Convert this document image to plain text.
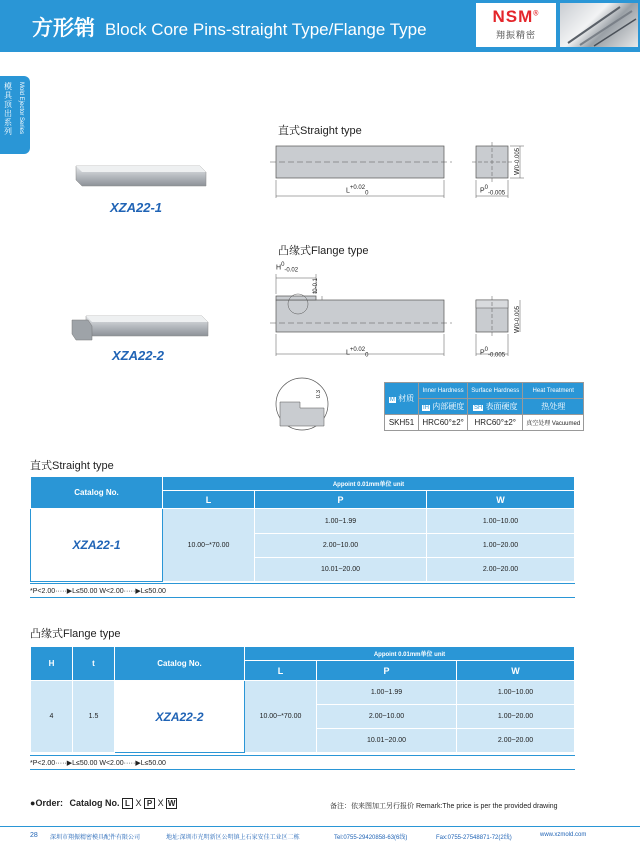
方形销 Block Core Pins-straight Type/Flange Type
NSM®
翔振精密
模具顶出系列	Mold Ejector Series
XZA22-1
XZA22-2
直式Straight type
$L^{+0.02}_0$	$P^0_{-0.005}$
W0-0.005
凸缘式Flange type
$H^0_{-0.02}$
t0-0.1
$L^{+0.02}_0$	$P^0_{-0.005}$
W0-0.005
0.3
M 材质	Inner Hardness	Surface Hardness	Heat Treatment
	IH 内部硬度	SH 表面硬度	热处理
SKH51	HRC60°±2°	HRC60°±2°	真空处理 Vacuumed
直式Straight type
Catalog No.	Appoint 0.01mm单位 unit		
	L	P	W
XZA22-1	10.00~*70.00	1.00~1.99	1.00~10.00
		2.00~10.00	1.00~20.00
		10.01~20.00	2.00~20.00
*P<2.00·····▶L≤50.00 W<2.00·····▶L≤50.00
凸缘式Flange type
H	t	Catalog No.	Appoint 0.01mm单位 unit		
			L	P	W
4	1.5	XZA22-2	10.00~*70.00	1.00~1.99	1.00~10.00
				2.00~10.00	1.00~20.00
				10.01~20.00	2.00~20.00
*P<2.00·····▶L≤50.00 W<2.00·····▶L≤50.00
●Order: Catalog No. L X P X W	备注：依来图加工另行报价 Remark:The price is per the provided drawing
28 深圳市翔振精密模具配件有限公司	地址:深圳市光明新区公明镇上石家安佳工业区二栋	Tel:0755-29420858-63(6线)	Fax:0755-27548871-72(2线)	www.xzmold.com
